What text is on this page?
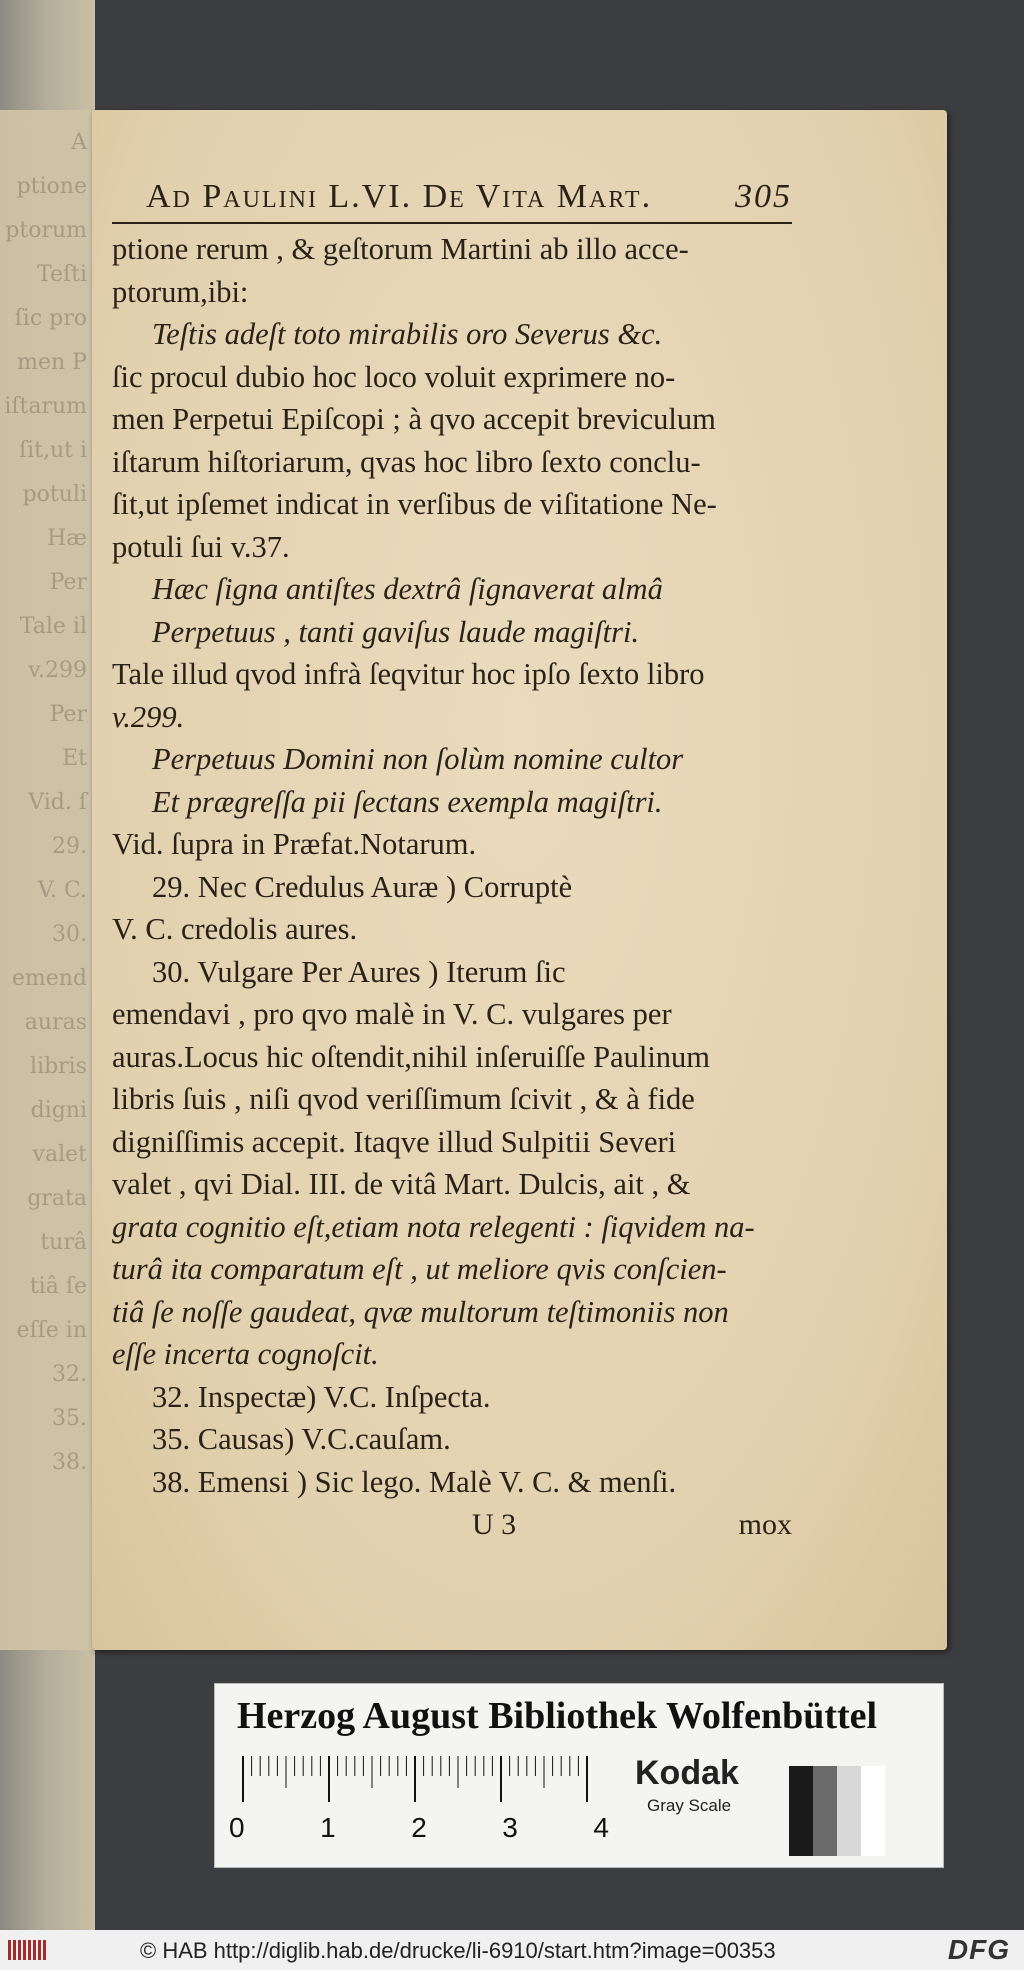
A
ptione
ptorum
Teſti
ſic pro
men P
iſtarum
ſit,ut i
potuli
Hæ
Per
Tale il
v.299
Per
Et
Vid. ſ
29.
V. C.
30.
emend
auras
libris
digni
valet
grata
turâ
tiâ ſe
eſſe in
32.
35.
38.
Ad Paulini L.VI. De Vita Mart. 305
ptione rerum , & geſtorum Martini ab illo acce-
ptorum,ibi:
Teſtis adeſt toto mirabilis oro Severus &c.
ſic procul dubio hoc loco voluit exprimere no-
men Perpetui Epiſcopi ; à qvo accepit breviculum
iſtarum hiſtoriarum, qvas hoc libro ſexto conclu-
ſit,ut ipſemet indicat in verſibus de viſitatione Ne-
potuli ſui v.37.
Hæc ſigna antiſtes dextrâ ſignaverat almâ
Perpetuus , tanti gaviſus laude magiſtri.
Tale illud qvod infrà ſeqvitur hoc ipſo ſexto libro
v.299.
Perpetuus Domini non ſolùm nomine cultor
Et prægreſſa pii ſectans exempla magiſtri.
Vid. ſupra in Præfat.Notarum.
29. Nec Credulus Auræ ) Corruptè
V. C. credolis aures.
30. Vulgare Per Aures ) Iterum ſic
emendavi , pro qvo malè in V. C. vulgares per
auras.Locus hic oſtendit,nihil inſeruiſſe Paulinum
libris ſuis , niſi qvod veriſſimum ſcivit , & à fide
digniſſimis accepit. Itaqve illud Sulpitii Severi
valet , qvi Dial. III. de vitâ Mart. Dulcis, ait , &
grata cognitio eſt,etiam nota relegenti : ſiqvidem na-
turâ ita comparatum eſt , ut meliore qvis conſcien-
tiâ ſe noſſe gaudeat, qvæ multorum teſtimoniis non
eſſe incerta cognoſcit.
32. Inspectæ) V.C. Inſpecta.
35. Causas) V.C.cauſam.
38. Emensi ) Sic lego. Malè V. C. & menſi.
U 3	mox
Herzog August Bibliothek Wolfenbüttel
0	1	2	3	4
Kodak
Gray Scale
© HAB http://diglib.hab.de/drucke/li-6910/start.htm?image=00353	DFG
